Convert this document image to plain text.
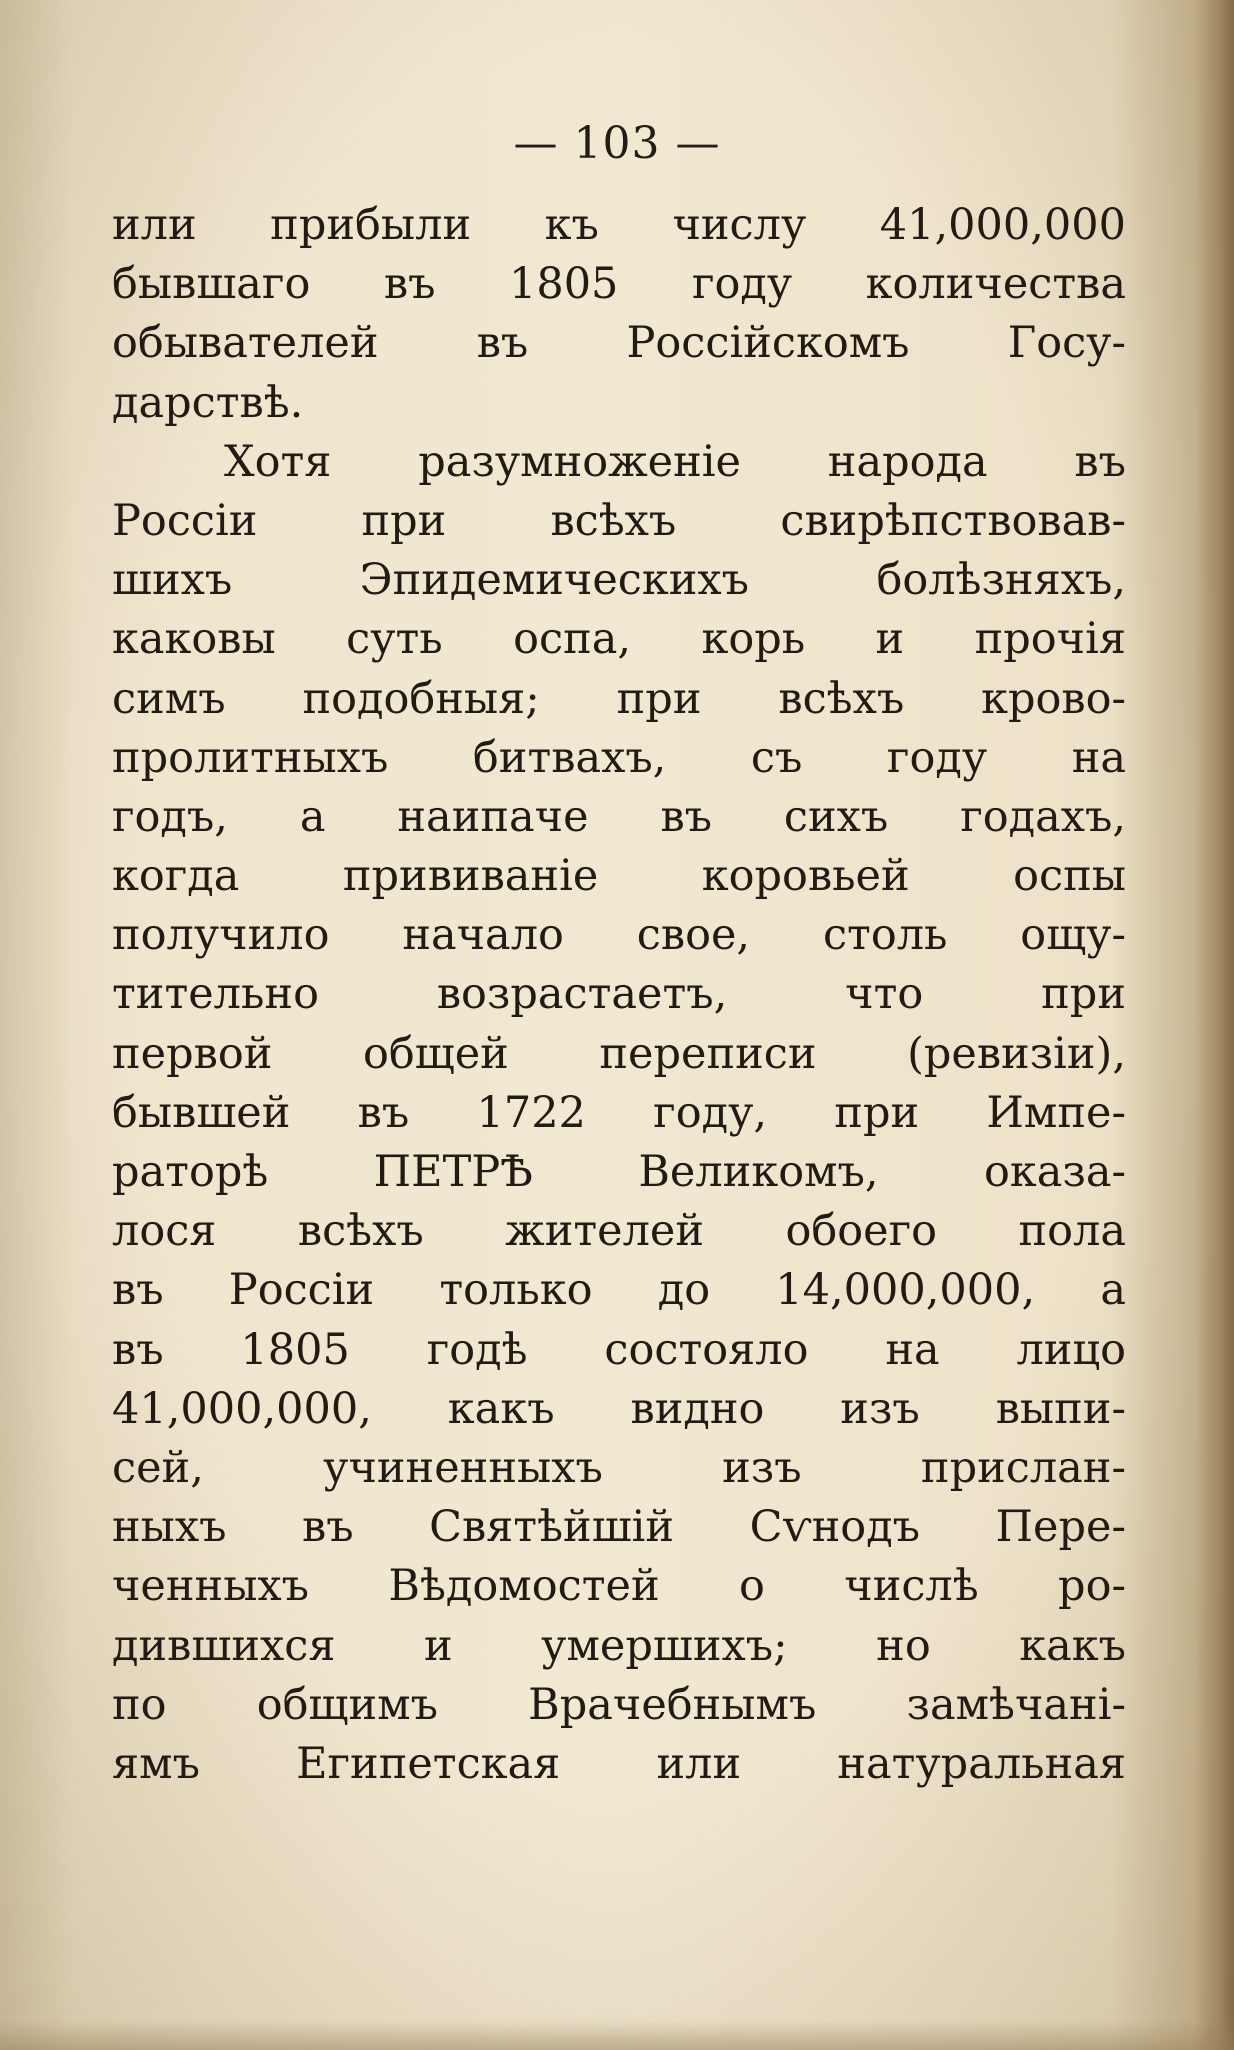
— 103 —
или прибыли къ числу 41,000,000
бывшаго въ 1805 году количества
обывателей въ Россійскомъ Госу-
дарствѣ.
Хотя разумноженіе народа въ
Россіи при всѣхъ свирѣпствовав-
шихъ Эпидемическихъ болѣзняхъ,
каковы суть оспа, корь и прочія
симъ подобныя; при всѣхъ крово-
пролитныхъ битвахъ, съ году на
годъ, а наипаче въ сихъ годахъ,
когда прививаніе коровьей оспы
получило начало свое, столь ощу-
тительно возрастаетъ, что при
первой общей переписи (ревизіи),
бывшей въ 1722 году, при Импе-
раторѣ ПЕТРѢ Великомъ, оказа-
лося всѣхъ жителей обоего пола
въ Россіи только до 14,000,000, а
въ 1805 годѣ состояло на лицо
41,000,000, какъ видно изъ выпи-
сей, учиненныхъ изъ прислан-
ныхъ въ Святѣйшій Сѵнодъ Пере-
ченныхъ Вѣдомостей о числѣ ро-
дившихся и умершихъ; но какъ
по общимъ Врачебнымъ замѣчані-
ямъ Египетская или натуральная
